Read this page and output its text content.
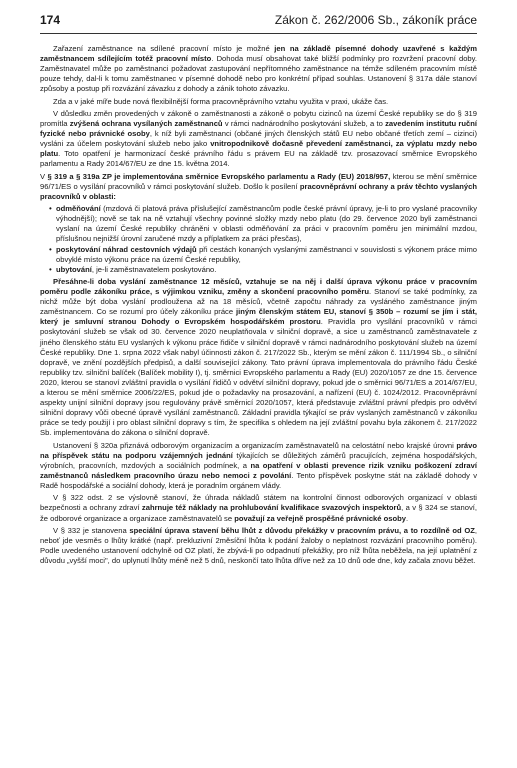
174	Zákon č. 262/2006 Sb., zákoník práce

Zařazení zaměstnance na sdílené pracovní místo je možné jen na základě písemné dohody uzavřené s každým zaměstnancem sdílejícím totéž pracovní místo. Dohoda musí obsahovat také bližší podmínky pro rozvržení pracovní doby. Zaměstnavatel může po zaměstnanci požadovat zastupování nepřítomného zaměstnance na témže sdíleném pracovním místě pouze tehdy, dal-li k tomu zaměstnanec v písemné dohodě nebo pro konkrétní případ souhlas. Ustanovení § 317a dále stanoví způsoby a postup při rozvázání závazku z dohody a zánik tohoto závazku.

Zda a v jaké míře bude nová flexibilnější forma pracovněprávního vztahu využita v praxi, ukáže čas.

V důsledku změn provedených v zákoně o zaměstnanosti a zákoně o pobytu cizinců na území České republiky se do § 319 promítla zvýšená ochrana vysílaných zaměstnanců v rámci nadnárodního poskytování služeb, a to zavedením institutu ruční fyzické nebo právnické osoby, k níž byli zaměstnanci (občané jiných členských států EU nebo občané třetích zemí – cizinci) vysláni za účelem poskytování služeb nebo jako vnitropodnikově dočasně převedení zaměstnanci, za výplatu mzdy nebo platu. Toto opatření je harmonizací české právního řádu s právem EU na základě tzv. prosazovací směrnice Evropského parlamentu a Rady 2014/67/EU ze dne 15. května 2014.

V § 319 a § 319a ZP je implementována směrnice Evropského parlamentu a Rady (EU) 2018/957, kterou se mění směrnice 96/71/ES o vysílání pracovníků v rámci poskytování služeb. Došlo k posílení pracovněprávní ochrany a práv těchto vyslaných pracovníků v oblasti:

• odměňování (mzdová či platová práva příslušející zaměstnancům podle české právní úpravy, je-li to pro vyslané pracovníky výhodnější); nově se tak na ně vztahují všechny povinné složky mzdy nebo platu (do 29. července 2020 byli zaměstnanci vyslaní na území České republiky chráněni v oblasti odměňování za práci v pracovním poměru jen minimální mzdou, příslušnou nejnižší úrovní zaručené mzdy a příplatkem za práci přesčas),
• poskytování náhrad cestovních výdajů při cestách konaných vyslanými zaměstnanci v souvislosti s výkonem práce mimo obvyklé místo výkonu práce na území České republiky,
• ubytování, je-li zaměstnavatelem poskytováno.

Přesáhne-li doba vyslání zaměstnance 12 měsíců, vztahuje se na něj i další úprava výkonu práce v pracovním poměru podle zákoníku práce, s výjimkou vzniku, změny a skončení pracovního poměru. Stanoví se také podmínky, za nichž může být doba vyslání prodloužena až na 18 měsíců, včetně započtu náhrady za vysláného zaměstnance jiným zaměstnancem. Co se rozumí pro účely zákoníku práce jiným členským státem EU, stanoví § 350b – rozumí se jím i stát, který je smluvní stranou Dohody o Evropském hospodářském prostoru. Pravidla pro vysílání pracovníků v rámci poskytování služeb se však od 30. července 2020 neuplatňovala v silniční dopravě, a sice u zaměstnanců zaměstnavatele z jiného členského státu EU vyslaných k výkonu práce řidiče v silniční dopravě v rámci nadnárodního poskytování služeb na území České republiky. Dne 1. srpna 2022 však nabyl účinnosti zákon č. 217/2022 Sb., kterým se mění zákon č. 111/1994 Sb., o silniční dopravě, ve znění pozdějších předpisů, a další související zákony. Tato právní úprava implementovala do právního řádu České republiky tzv. silniční balíček (Balíček mobility I), tj. směrnici Evropského parlamentu a Rady (EU) 2020/1057 ze dne 15. července 2020, kterou se stanoví zvláštní pravidla o vysílání řidičů v odvětví silniční dopravy, pokud jde o směrnici 96/71/ES a 2014/67/EU, a kterou se mění směrnice 2006/22/ES, pokud jde o požadavky na prosazování, a nařízení (EU) č. 1024/2012. Pracovněprávní aspekty unijní silniční dopravy jsou regulovány právě směrnicí 2020/1057, která představuje zvláštní právní předpis pro odvětví silniční dopravy vůči obecné úpravě vysílání zaměstnanců. Základní pravidla týkající se práv vyslaných zaměstnanců v zákoníku práce se tedy použijí i pro oblast silniční dopravy s tím, že specifika s ohledem na její zvláštní povahu byla zákonem č. 217/2022 Sb. implementována do zákona o silniční dopravě.

Ustanovení § 320a přiznává odborovým organizacím a organizacím zaměstnavatelů na celostátní nebo krajské úrovni právo na příspěvek státu na podporu vzájemných jednání týkajících se důležitých záměrů pracujících, zejména hospodářských, výrobních, pracovních, mzdových a sociálních podmínek, a na opatření v oblasti prevence rizik vzniku poškození zdraví zaměstnanců následkem pracovního úrazu nebo nemoci z povolání. Tento příspěvek poskytne stát na základě dohody v Radě hospodářské a sociální dohody, která je poradním orgánem vlády.

V § 322 odst. 2 se výslovně stanoví, že úhrada nákladů státem na kontrolní činnost odborových organizací v oblasti bezpečnosti a ochrany zdraví zahrnuje též náklady na prohlubování kvalifikace svazových inspektorů, a v § 324 se stanoví, že odborové organizace a organizace zaměstnavatelů se považují za veřejně prospěšné právnické osoby.

V § 332 je stanovena speciální úprava stavení běhu lhůt z důvodu překážky v pracovním právu, a to rozdílně od OZ, neboť jde vesměs o lhůty krátké (např. prekluzivní 2měsíční lhůta k podání žaloby o neplatnost rozvázání pracovního poměru). Podle uvedeného ustanovení odchylně od OZ platí, že zbývá-li po odpadnutí překážky, pro níž lhůta neběžela, na její uplatnění z důvodu „vyšší moci", do uplynutí lhůty méně než 5 dnů, neskončí tato lhůta dříve než za 10 dnů ode dne, kdy začala znovu běžet.
